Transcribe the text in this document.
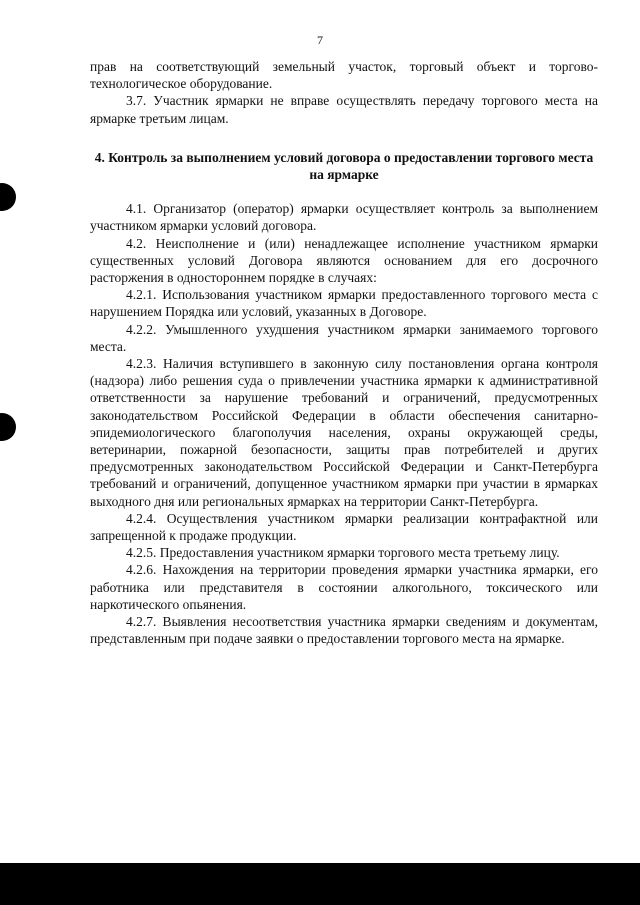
7

прав на соответствующий земельный участок, торговый объект и торгово-технологическое оборудование.

3.7. Участник ярмарки не вправе осуществлять передачу торгового места на ярмарке третьим лицам.

4. Контроль за выполнением условий договора о предоставлении торгового места на ярмарке

4.1. Организатор (оператор) ярмарки осуществляет контроль за выполнением участником ярмарки условий договора.

4.2. Неисполнение и (или) ненадлежащее исполнение участником ярмарки существенных условий Договора являются основанием для его досрочного расторжения в одностороннем порядке в случаях:

4.2.1. Использования участником ярмарки предоставленного торгового места с нарушением Порядка или условий, указанных в Договоре.

4.2.2. Умышленного ухудшения участником ярмарки занимаемого торгового места.

4.2.3. Наличия вступившего в законную силу постановления органа контроля (надзора) либо решения суда о привлечении участника ярмарки к административной ответственности за нарушение требований и ограничений, предусмотренных законодательством Российской Федерации в области обеспечения санитарно-эпидемиологического благополучия населения, охраны окружающей среды, ветеринарии, пожарной безопасности, защиты прав потребителей и других предусмотренных законодательством Российской Федерации и Санкт-Петербурга требований и ограничений, допущенное участником ярмарки при участии в ярмарках выходного дня или региональных ярмарках на территории Санкт-Петербурга.

4.2.4. Осуществления участником ярмарки реализации контрафактной или запрещенной к продаже продукции.

4.2.5. Предоставления участником ярмарки торгового места третьему лицу.

4.2.6. Нахождения на территории проведения ярмарки участника ярмарки, его работника или представителя в состоянии алкогольного, токсического или наркотического опьянения.

4.2.7. Выявления несоответствия участника ярмарки сведениям и документам, представленным при подаче заявки о предоставлении торгового места на ярмарке.
